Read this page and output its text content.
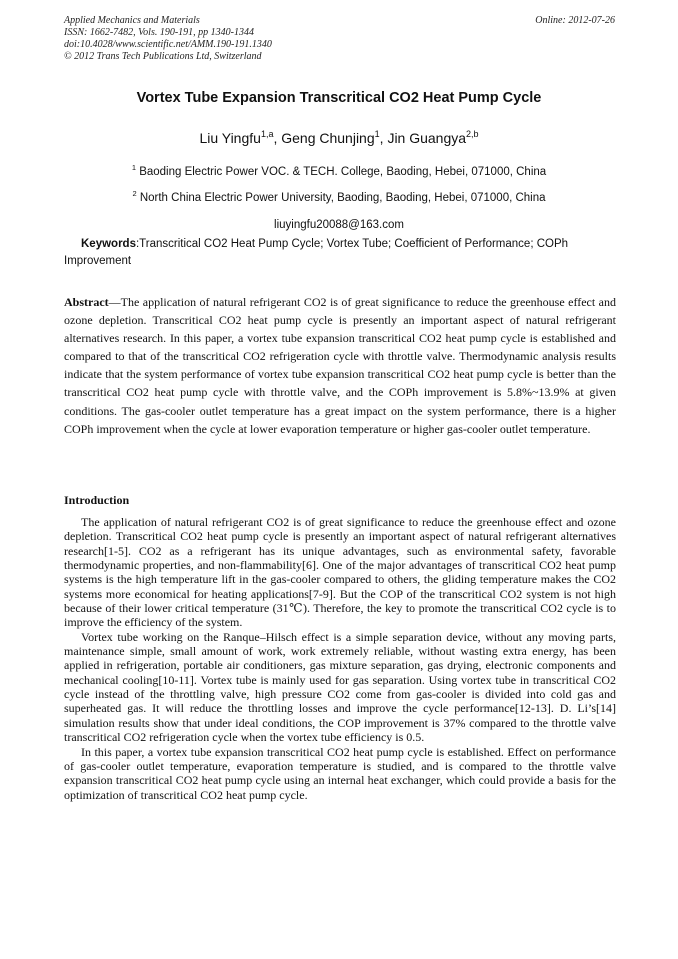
Applied Mechanics and Materials
ISSN: 1662-7482, Vols. 190-191, pp 1340-1344
doi:10.4028/www.scientific.net/AMM.190-191.1340
© 2012 Trans Tech Publications Ltd, Switzerland
Online: 2012-07-26
Vortex Tube Expansion Transcritical CO2 Heat Pump Cycle
Liu Yingfu$^{1,a}$, Geng Chunjing$^1$, Jin Guangya$^{2,b}$
$^1$ Baoding Electric Power VOC. & TECH. College, Baoding, Hebei, 071000, China
$^2$ North China Electric Power University, Baoding, Baoding, Hebei, 071000, China
liuyingfu20088@163.com
Keywords:Transcritical CO2 Heat Pump Cycle; Vortex Tube; Coefficient of Performance; COPh Improvement

Abstract—The application of natural refrigerant CO2 is of great significance to reduce the greenhouse effect and ozone depletion. Transcritical CO2 heat pump cycle is presently an important aspect of natural refrigerant alternatives research. In this paper, a vortex tube expansion transcritical CO2 heat pump cycle is established and compared to that of the transcritical CO2 refrigeration cycle with throttle valve. Thermodynamic analysis results indicate that the system performance of vortex tube expansion transcritical CO2 heat pump cycle is better than the transcritical CO2 heat pump cycle with throttle valve, and the COPh improvement is 5.8%~13.9% at given conditions. The gas-cooler outlet temperature has a great impact on the system performance, there is a higher COPh improvement when the cycle at lower evaporation temperature or higher gas-cooler outlet temperature.

Introduction

The application of natural refrigerant CO2 is of great significance to reduce the greenhouse effect and ozone depletion. Transcritical CO2 heat pump cycle is presently an important aspect of natural refrigerant alternatives research[1-5]. CO2 as a refrigerant has its unique advantages, such as environmental safety, favorable thermodynamic properties, and non-flammability[6]. One of the major advantages of transcritical CO2 heat pump systems is the high temperature lift in the gas-cooler compared to others, the gliding temperature makes the CO2 systems more economical for heating applications[7-9]. But the COP of the transcritical CO2 system is not high because of their lower critical temperature (31℃). Therefore, the key to promote the transcritical CO2 cycle is to improve the efficiency of the system.

Vortex tube working on the Ranque–Hilsch effect is a simple separation device, without any moving parts, maintenance simple, small amount of work, work extremely reliable, without wasting extra energy, has been applied in refrigeration, portable air conditioners, gas mixture separation, gas drying, electronic components and mechanical cooling[10-11]. Vortex tube is mainly used for gas separation. Using vortex tube in transcritical CO2 cycle instead of the throttling valve, high pressure CO2 come from gas-cooler is divided into cold gas and superheated gas. It will reduce the throttling losses and improve the cycle performance[12-13]. D. Li’s[14] simulation results show that under ideal conditions, the COP improvement is 37% compared to the throttle valve transcritical CO2 refrigeration cycle when the vortex tube efficiency is 0.5.

In this paper, a vortex tube expansion transcritical CO2 heat pump cycle is established. Effect on performance of gas-cooler outlet temperature, evaporation temperature is studied, and is compared to the throttle valve expansion transcritical CO2 heat pump cycle using an internal heat exchanger, which could provide a basis for the optimization of transcritical CO2 heat pump cycle.
